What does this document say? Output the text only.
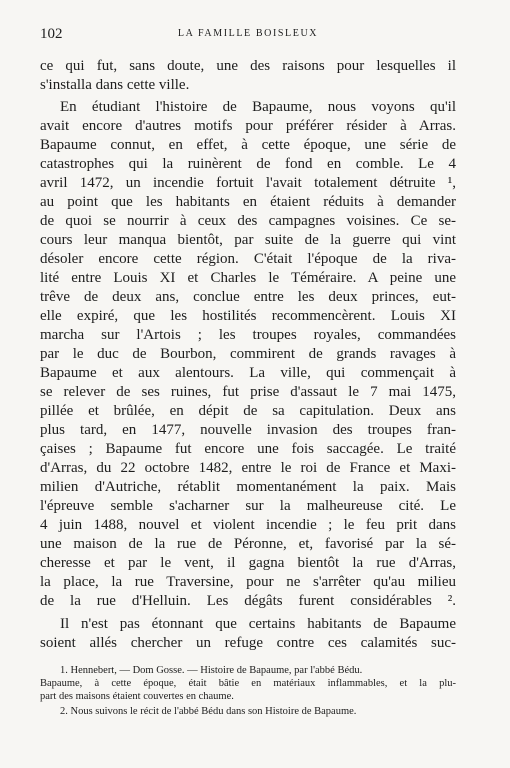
102	LA FAMILLE BOISLEUX
ce qui fut, sans doute, une des raisons pour lesquelles il
s'installa dans cette ville.
En étudiant l'histoire de Bapaume, nous voyons qu'il
avait encore d'autres motifs pour préférer résider à Arras.
Bapaume connut, en effet, à cette époque, une série de
catastrophes qui la ruinèrent de fond en comble. Le 4
avril 1472, un incendie fortuit l'avait totalement détruite ¹,
au point que les habitants en étaient réduits à demander
de quoi se nourrir à ceux des campagnes voisines. Ce se-
cours leur manqua bientôt, par suite de la guerre qui vint
désoler encore cette région. C'était l'époque de la riva-
lité entre Louis XI et Charles le Téméraire. A peine une
trêve de deux ans, conclue entre les deux princes, eut-
elle expiré, que les hostilités recommencèrent. Louis XI
marcha sur l'Artois ; les troupes royales, commandées
par le duc de Bourbon, commirent de grands ravages à
Bapaume et aux alentours. La ville, qui commençait à
se relever de ses ruines, fut prise d'assaut le 7 mai 1475,
pillée et brûlée, en dépit de sa capitulation. Deux ans
plus tard, en 1477, nouvelle invasion des troupes fran-
çaises ; Bapaume fut encore une fois saccagée. Le traité
d'Arras, du 22 octobre 1482, entre le roi de France et Maxi-
milien d'Autriche, rétablit momentanément la paix. Mais
l'épreuve semble s'acharner sur la malheureuse cité. Le
4 juin 1488, nouvel et violent incendie ; le feu prit dans
une maison de la rue de Péronne, et, favorisé par la sé-
cheresse et par le vent, il gagna bientôt la rue d'Arras,
la place, la rue Traversine, pour ne s'arrêter qu'au milieu
de la rue d'Helluin. Les dégâts furent considérables ².
Il n'est pas étonnant que certains habitants de Bapaume
soient allés chercher un refuge contre ces calamités suc-
1. Hennebert, — Dom Gosse. — Histoire de Bapaume, par l'abbé Bédu.
Bapaume, à cette époque, était bâtie en matériaux inflammables, et la plu-
part des maisons étaient couvertes en chaume.
2. Nous suivons le récit de l'abbé Bédu dans son Histoire de Bapaume.
